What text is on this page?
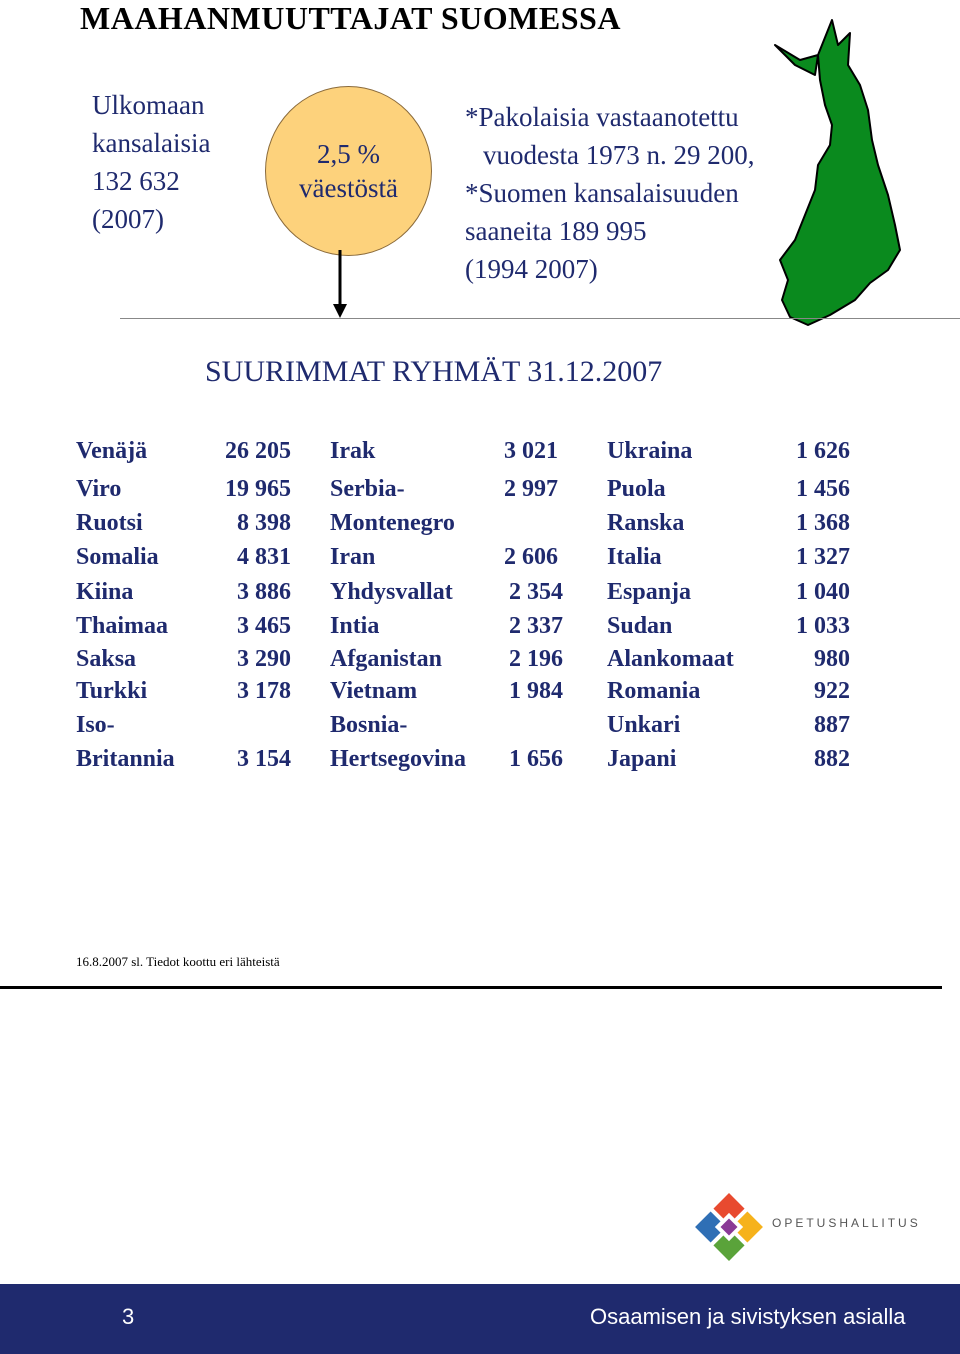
MAAHANMUUTTAJAT SUOMESSA
Ulkomaan
kansalaisia
132 632
(2007)
2,5 %
väestöstä
*Pakolaisia vastaanotettu
vuodesta 1973 n. 29 200,
*Suomen kansalaisuuden
saaneita 189 995
(1994 2007)
SUURIMMAT RYHMÄT 31.12.2007
Venäjä	26 205
Viro	19 965
Ruotsi	8 398
Somalia	4 831
Kiina	3 886
Thaimaa	3 465
Saksa	3 290
Turkki	3 178
Iso-
Britannia	3 154
Irak	3 021
Serbia-	2 997
Montenegro
Iran	2 606
Yhdysvallat 2 354
Intia	2 337
Afganistan	2 196
Vietnam	1 984
Bosnia-
Hertsegovina 1 656
Ukraina	1 626
Puola	1 456
Ranska	1 368
Italia	1 327
Espanja	1 040
Sudan	1 033
Alankomaat	980
Romania	922
Unkari	887
Japani	882
16.8.2007 sl. Tiedot koottu eri lähteistä
OPETUSHALLITUS
3	Osaamisen ja sivistyksen asialla
